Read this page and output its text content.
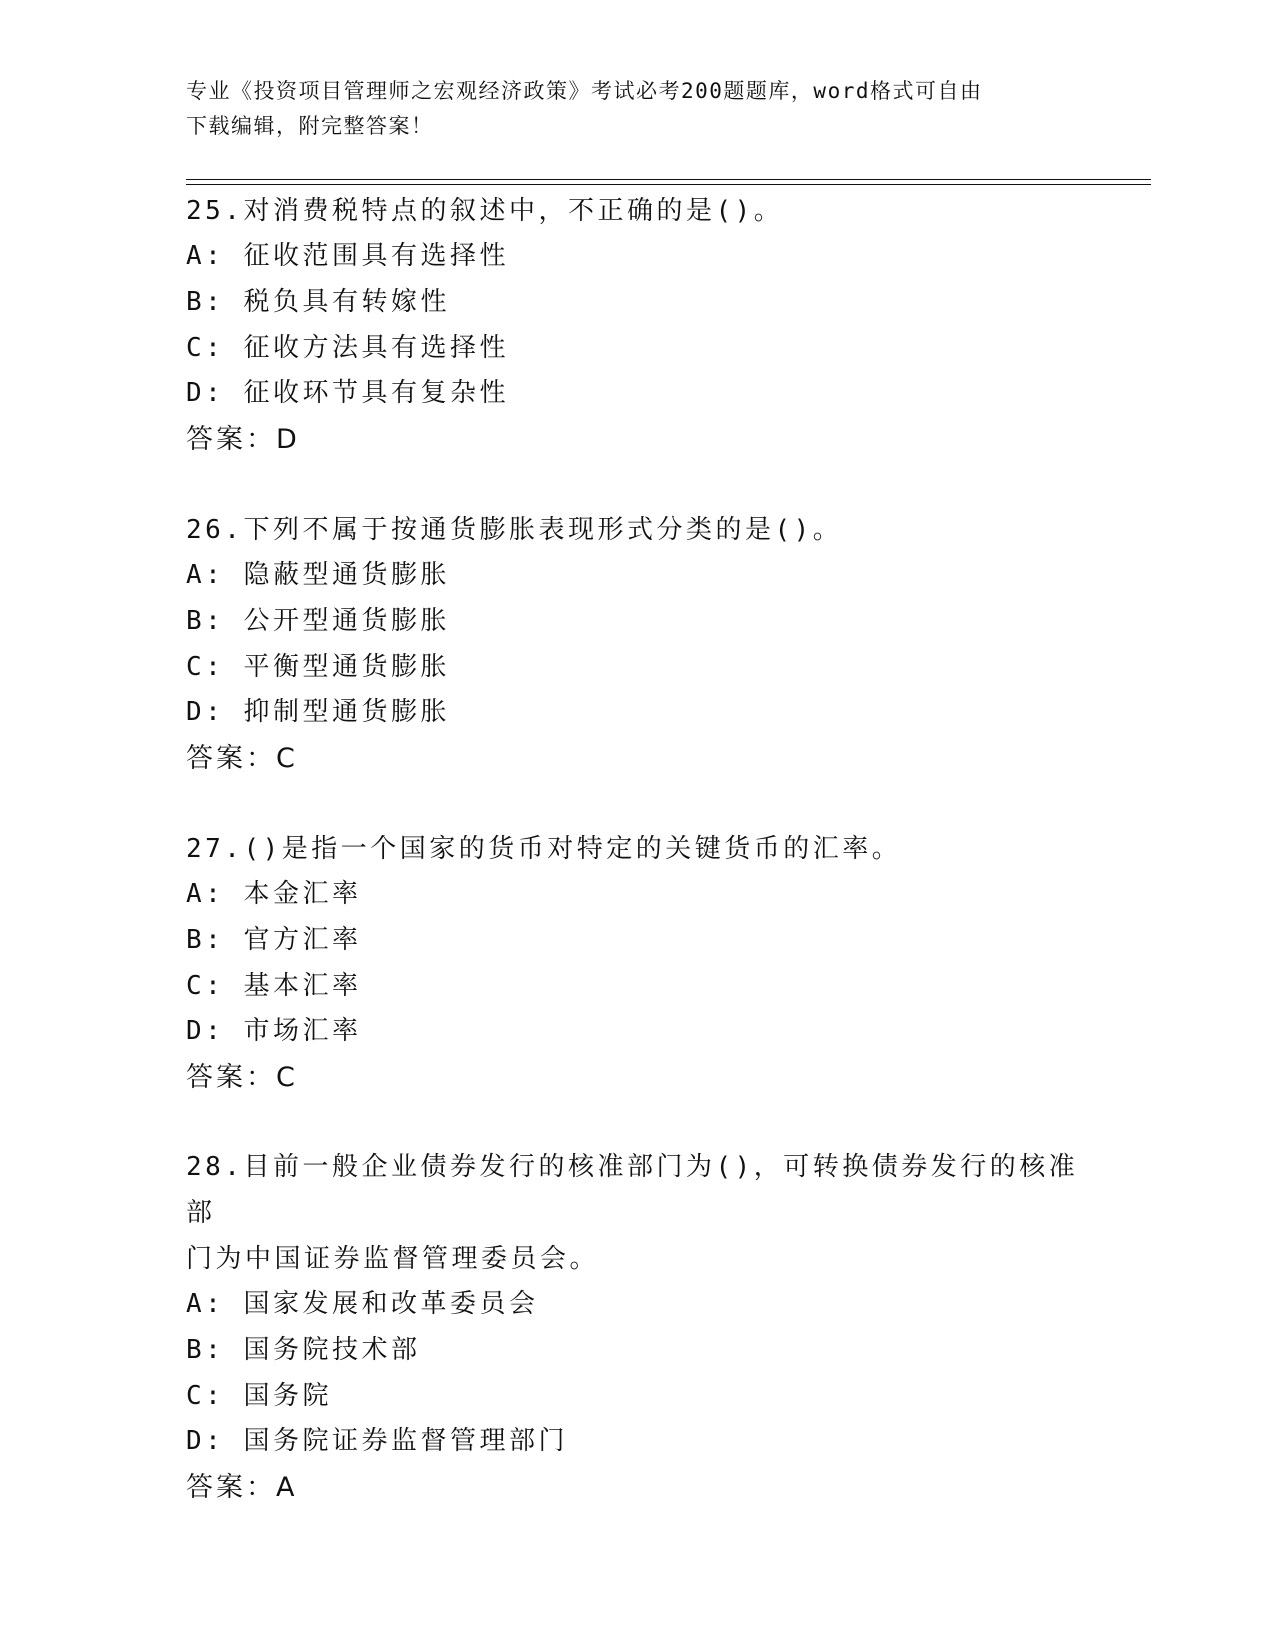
专业《投资项目管理师之宏观经济政策》考试必考200题题库，word格式可自由
下载编辑，附完整答案！
25.对消费税特点的叙述中，不正确的是()。
A: 征收范围具有选择性
B: 税负具有转嫁性
C: 征收方法具有选择性
D: 征收环节具有复杂性
答案：D
26.下列不属于按通货膨胀表现形式分类的是()。
A: 隐蔽型通货膨胀
B: 公开型通货膨胀
C: 平衡型通货膨胀
D: 抑制型通货膨胀
答案：C
27.()是指一个国家的货币对特定的关键货币的汇率。
A: 本金汇率
B: 官方汇率
C: 基本汇率
D: 市场汇率
答案：C
28.目前一般企业债券发行的核准部门为()，可转换债券发行的核准部
门为中国证券监督管理委员会。
A: 国家发展和改革委员会
B: 国务院技术部
C: 国务院
D: 国务院证券监督管理部门
答案：A
